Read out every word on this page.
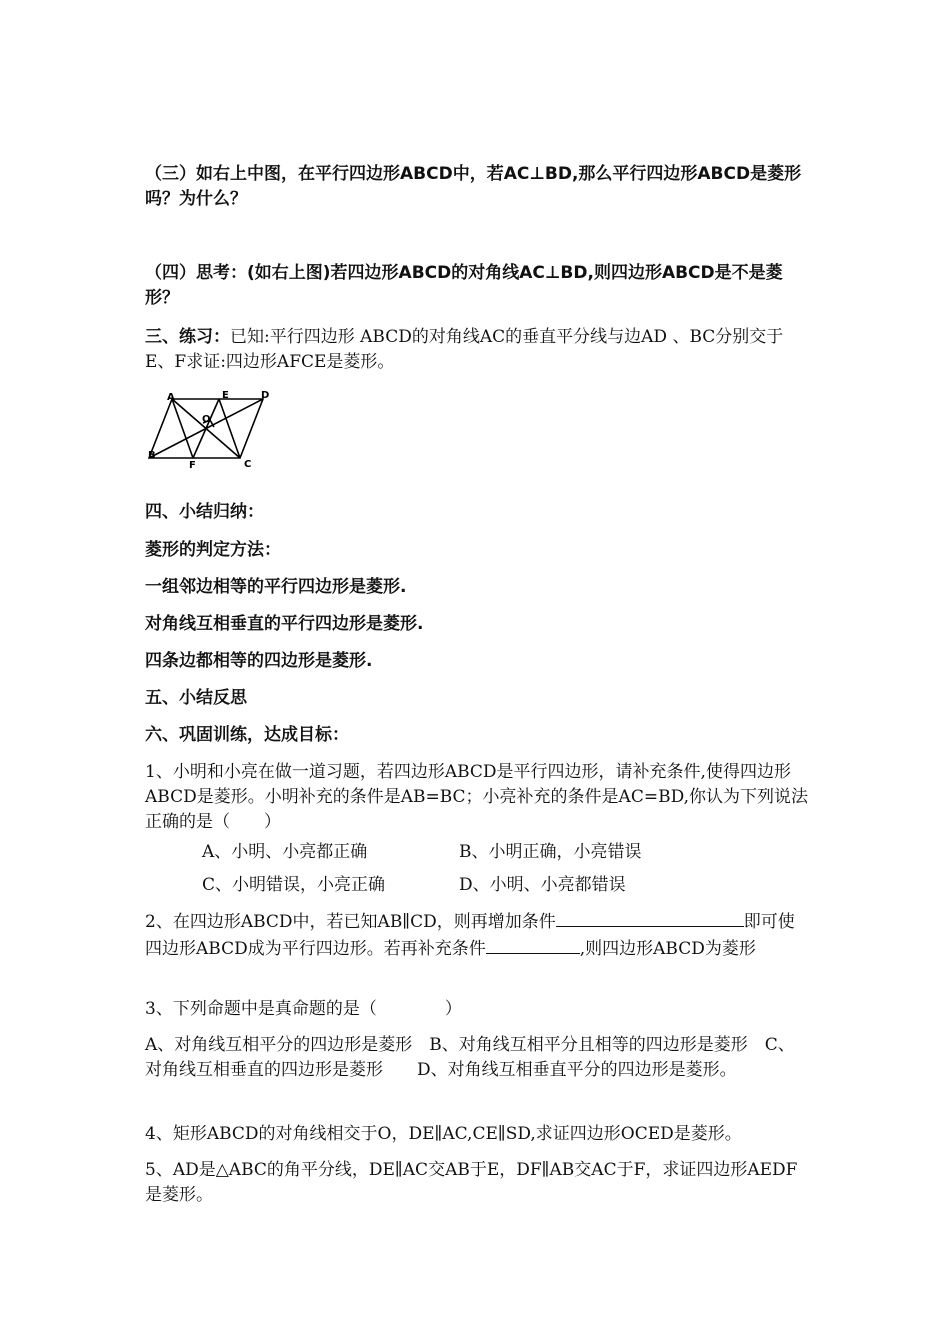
（三）如右上中图，在平行四边形ABCD中，若AC⊥BD,那么平行四边形ABCD是菱形吗？为什么？
（四）思考：(如右上图)若四边形ABCD的对角线AC⊥BD,则四边形ABCD是不是菱形？
三、练习：已知:平行四边形 ABCD的对角线AC的垂直平分线与边AD 、BC分别交于E、F求证:四边形AFCE是菱形。
A	E	D
O
B
F	C
四、小结归纳：
菱形的判定方法：
一组邻边相等的平行四边形是菱形.
对角线互相垂直的平行四边形是菱形.
四条边都相等的四边形是菱形.
五、小结反思
六、巩固训练，达成目标：
1、小明和小亮在做一道习题，若四边形ABCD是平行四边形，请补充条件,使得四边形ABCD是菱形。小明补充的条件是AB=BC；小亮补充的条件是AC=BD,你认为下列说法正确的是（　　）
A、小明、小亮都正确	B、小明正确，小亮错误
C、小明错误，小亮正确	D、小明、小亮都错误
2、在四边形ABCD中，若已知AB∥CD，则再增加条件	即可使四边形ABCD成为平行四边形。若再补充条件	,则四边形ABCD为菱形
3、下列命题中是真命题的是（　　　　）
A、对角线互相平分的四边形是菱形　B、对角线互相平分且相等的四边形是菱形　C、对角线互相垂直的四边形是菱形　　D、对角线互相垂直平分的四边形是菱形。
4、矩形ABCD的对角线相交于O，DE∥AC,CE∥SD,求证四边形OCED是菱形。
5、AD是△ABC的角平分线，DE∥AC交AB于E，DF∥AB交AC于F，求证四边形AEDF是菱形。
